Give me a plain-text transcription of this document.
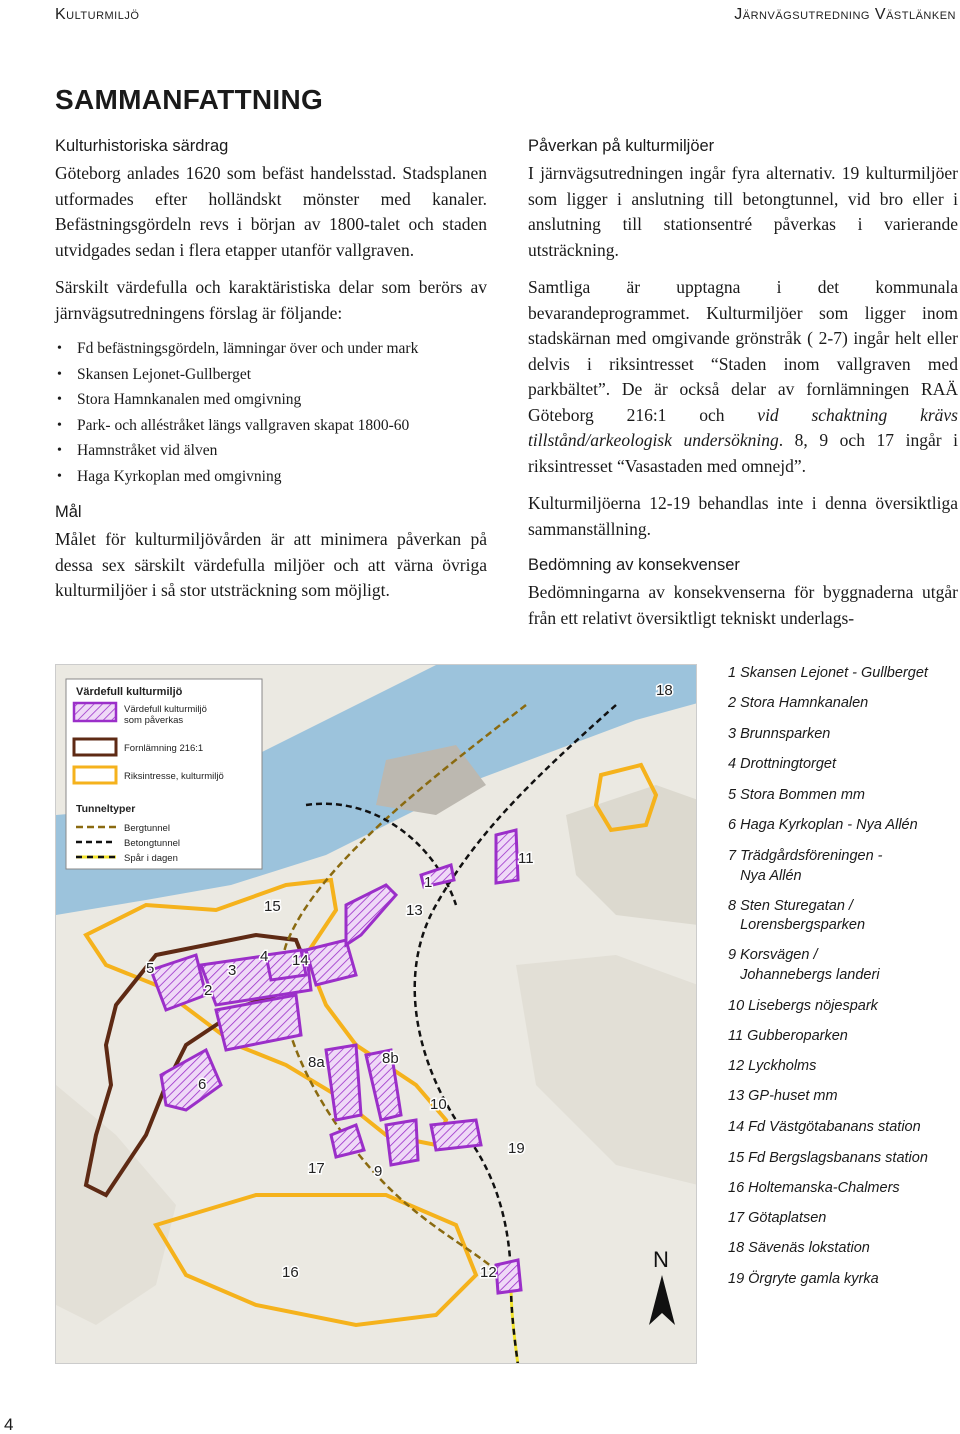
Kulturmiljö	Järnvägsutredning Västlänken
SAMMANFATTNING
Kulturhistoriska särdrag

Göteborg anlades 1620 som befäst handelsstad. Stadsplanen utformades efter holländskt mönster med kanaler. Befästningsgördeln revs i början av 1800-talet och staden utvidgades sedan i flera etapper utanför vallgraven.

Särskilt värdefulla och karaktäristiska delar som berörs av järnvägsutredningens förslag är följande:

• Fd befästningsgördeln, lämningar över och under mark
• Skansen Lejonet-Gullberget
• Stora Hamnkanalen med omgivning
• Park- och alléstråket längs vallgraven skapat 1800-60
• Hamnstråket vid älven
• Haga Kyrkoplan med omgivning
Mål

Målet för kulturmiljövården är att minimera påverkan på dessa sex särskilt värdefulla miljöer och att värna övriga kulturmiljöer i så stor utsträckning som möjligt.

Påverkan på kulturmiljöer

I järnvägsutredningen ingår fyra alternativ. 19 kulturmiljöer som ligger i anslutning till betongtunnel, vid bro eller i anslutning till stationsentré påverkas i varierande utsträckning.

Samtliga är upptagna i det kommunala bevarandeprogrammet. Kulturmiljöer som ligger inom stadskärnan med omgivande grönstråk ( 2-7) ingår helt eller delvis i riksintresset “Staden inom vallgraven med parkbältet”. De är också delar av fornlämningen RAÄ Göteborg 216:1 och vid schaktning krävs tillstånd/arkeologisk undersökning. 8, 9 och 17 ingår i riksintresset “Vasastaden med omnejd”.

Kulturmiljöerna 12-19 behandlas inte i denna översiktliga sammanställning.

Bedömning av konsekvenser

Bedömningarna av konsekvenserna för byggnaderna utgår från ett relativt översiktligt tekniskt underlags-

1
2
3
4
5
6
8a	8b
9
10
11
12
13
14
15
16
17
18
19
Värdefull kulturmiljö
Värdefull kulturmiljö
som påverkas
Fornlämning 216:1
Riksintresse, kulturmiljö
Tunneltyper
Bergtunnel
Betongtunnel
Spår i dagen
N
1 Skansen Lejonet - Gullberget
2 Stora Hamnkanalen
3 Brunnsparken
4 Drottningtorget
5 Stora Bommen mm
6 Haga Kyrkoplan - Nya Allén
7 Trädgårdsföreningen -
Nya Allén
8 Sten Sturegatan /
Lorensbergsparken
9 Korsvägen /
Johannebergs landeri
10 Lisebergs nöjespark
11 Gubberoparken
12 Lyckholms
13 GP-huset mm
14 Fd Västgötabanans station
15 Fd Bergslagsbanans station
16 Holtemanska-Chalmers
17 Götaplatsen
18 Sävenäs lokstation
19 Örgryte gamla kyrka
4
